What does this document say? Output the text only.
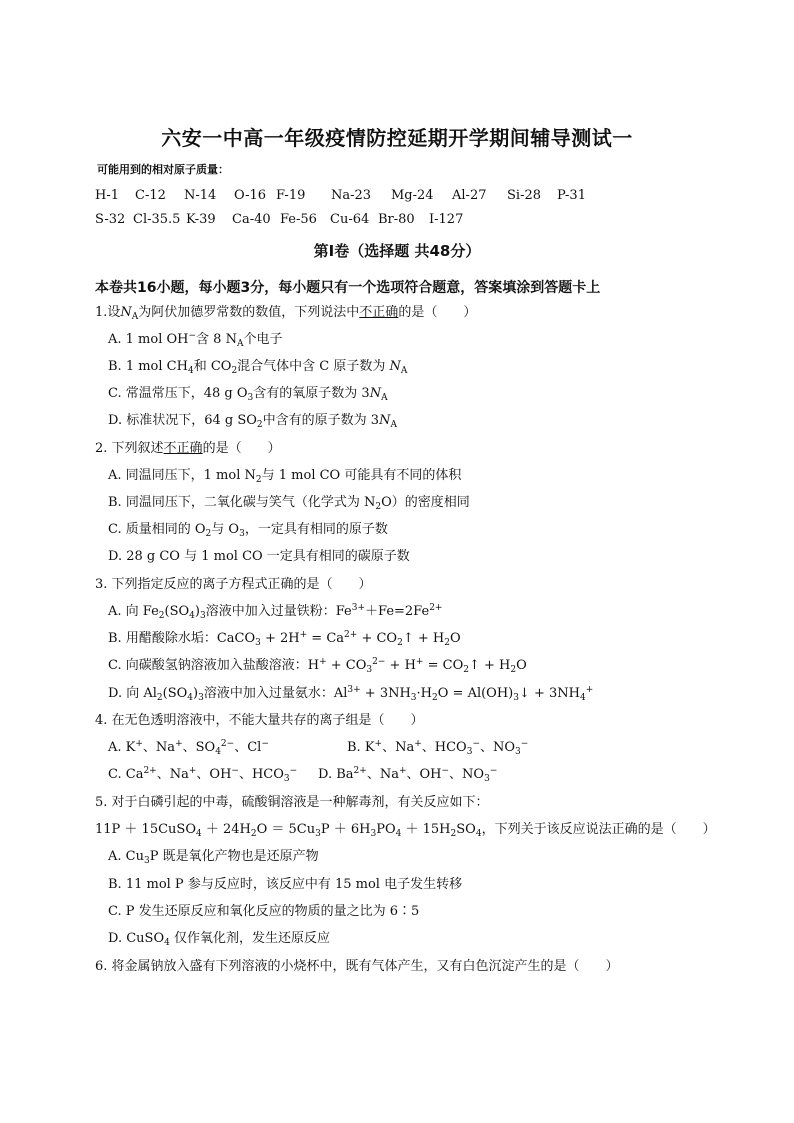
六安一中高一年级疫情防控延期开学期间辅导测试一
可能用到的相对原子质量：
H-1 C-12 N-14 O-16 F-19 Na-23 Mg-24 Al-27 Si-28 P-31
S-32 Cl-35.5 K-39 Ca-40 Fe-56 Cu-64 Br-80 I-127
第Ⅰ卷（选择题 共48分）
本卷共16小题，每小题3分，每小题只有一个选项符合题意，答案填涂到答题卡上
1.设$N_A$为阿伏加德罗常数的数值，下列说法中不正确的是（　　）
A. 1 mol OH−含 8 $N_A$个电子
B. 1 mol $CH_4$和 $CO_2$混合气体中含 C 原子数为 $N_A$
C. 常温常压下，48 g $O_3$含有的氧原子数为 $3N_A$
D. 标准状况下，64 g $SO_2$中含有的原子数为 $3N_A$
2. 下列叙述不正确的是（　　）
A. 同温同压下，1 mol $N_2$与 1 mol CO 可能具有不同的体积
B. 同温同压下，二氧化碳与笑气（化学式为 $N_2O$）的密度相同
C. 质量相同的 $O_2$与 $O_3$，一定具有相同的原子数
D. 28 g CO 与 1 mol CO 一定具有相同的碳原子数
3. 下列指定反应的离子方程式正确的是（　　）
A. 向 $Fe_2(SO_4)_3$溶液中加入过量铁粉：$Fe^{3+}+Fe=2Fe^{2+}$
B. 用醋酸除水垢：CaCO$_3$ + $2H^+ = Ca^{2+}$ + $CO_2↑ + H_2O$
C. 向碳酸氢钠溶液加入盐酸溶液：$H^+ + CO_3^{2-} + H^+$ = $CO_2↑ + H_2O$
D. 向 $Al_2(SO_4)_3$溶液中加入过量氨水：$Al^{3+} + 3NH_3\cdot H_2O$ = $Al(OH)_3↓ + 3NH_4^+$
4. 在无色透明溶液中，不能大量共存的离子组是（　　）
A. K+、Na+、$SO_4^{2-}$、Cl−	B. K+、Na+、$HCO_3^-$、$NO_3^-$
C. $Ca^{2+}$、Na+、OH−、$HCO_3^-$ D. $Ba^{2+}$、Na+、OH−、$NO_3^-$
5. 对于白磷引起的中毒，硫酸铜溶液是一种解毒剂，有关反应如下：
11P ＋ 15CuSO$_4$ ＋ $24H_2O = 5Cu_3P + 6H_3PO_4 + 15H_2SO_4$，下列关于该反应说法正确的是（　　）
A. $Cu_3P$ 既是氧化产物也是还原产物
B. 11 mol P 参与反应时，该反应中有 15 mol 电子发生转移
C. P 发生还原反应和氧化反应的物质的量之比为 6∶5
D. CuSO$_4$ 仅作氧化剂，发生还原反应
6. 将金属钠放入盛有下列溶液的小烧杯中，既有气体产生，又有白色沉淀产生的是（　　）
